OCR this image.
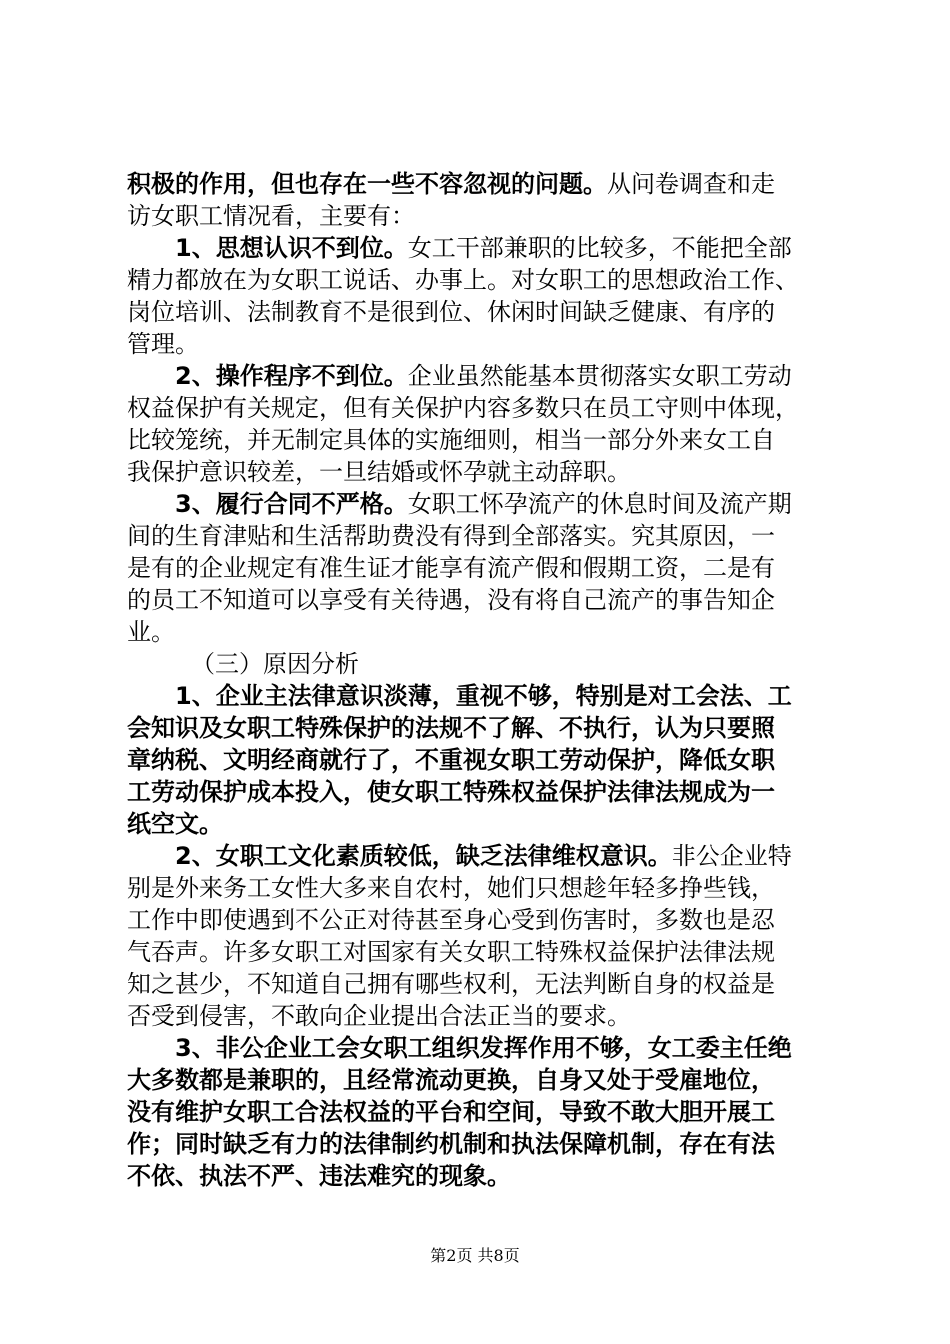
积极的作用，但也存在一些不容忽视的问题。从问卷调查和走
访女职工情况看，主要有：
1、思想认识不到位。女工干部兼职的比较多，不能把全部
精力都放在为女职工说话、办事上。对女职工的思想政治工作、
岗位培训、法制教育不是很到位、休闲时间缺乏健康、有序的
管理。
2、操作程序不到位。企业虽然能基本贯彻落实女职工劳动
权益保护有关规定，但有关保护内容多数只在员工守则中体现，
比较笼统，并无制定具体的实施细则，相当一部分外来女工自
我保护意识较差，一旦结婚或怀孕就主动辞职。
3、履行合同不严格。女职工怀孕流产的休息时间及流产期
间的生育津贴和生活帮助费没有得到全部落实。究其原因，一
是有的企业规定有准生证才能享有流产假和假期工资，二是有
的员工不知道可以享受有关待遇，没有将自己流产的事告知企
业。
（三）原因分析
1、企业主法律意识淡薄，重视不够，特别是对工会法、工
会知识及女职工特殊保护的法规不了解、不执行，认为只要照
章纳税、文明经商就行了，不重视女职工劳动保护，降低女职
工劳动保护成本投入，使女职工特殊权益保护法律法规成为一
纸空文。
2、女职工文化素质较低，缺乏法律维权意识。非公企业特
别是外来务工女性大多来自农村，她们只想趁年轻多挣些钱，
工作中即使遇到不公正对待甚至身心受到伤害时，多数也是忍
气吞声。许多女职工对国家有关女职工特殊权益保护法律法规
知之甚少，不知道自己拥有哪些权利，无法判断自身的权益是
否受到侵害，不敢向企业提出合法正当的要求。
3、非公企业工会女职工组织发挥作用不够，女工委主任绝
大多数都是兼职的，且经常流动更换，自身又处于受雇地位，
没有维护女职工合法权益的平台和空间，导致不敢大胆开展工
作；同时缺乏有力的法律制约机制和执法保障机制，存在有法
不依、执法不严、违法难究的现象。
第2页 共8页
